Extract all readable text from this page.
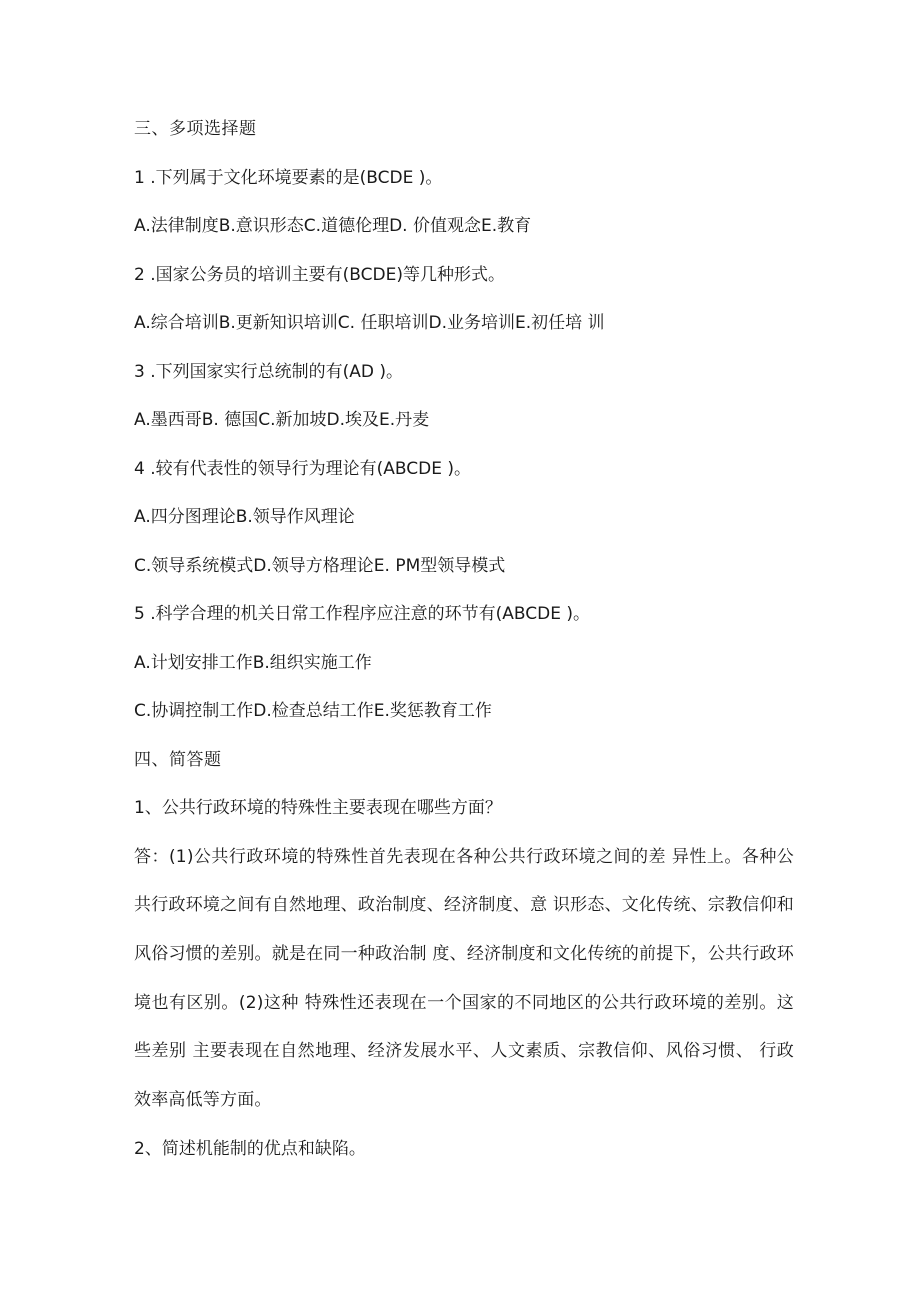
三、多项选择题
1 .下列属于文化环境要素的是(BCDE )。
A.法律制度B.意识形态C.道德伦理D. 价值观念E.教育
2 .国家公务员的培训主要有(BCDE)等几种形式。
A.综合培训B.更新知识培训C. 任职培训D.业务培训E.初任培 训
3 .下列国家实行总统制的有(AD )。
A.墨西哥B. 德国C.新加坡D.埃及E.丹麦
4 .较有代表性的领导行为理论有(ABCDE )。
A.四分图理论B.领导作风理论
C.领导系统模式D.领导方格理论E. PM型领导模式
5 .科学合理的机关日常工作程序应注意的环节有(ABCDE )。
A.计划安排工作B.组织实施工作
C.协调控制工作D.检查总结工作E.奖惩教育工作
四、简答题
1、公共行政环境的特殊性主要表现在哪些方面？
答：(1)公共行政环境的特殊性首先表现在各种公共行政环境之间的差 异性上。各种公共行政环境之间有自然地理、政治制度、经济制度、意 识形态、文化传统、宗教信仰和风俗习惯的差别。就是在同一种政治制 度、经济制度和文化传统的前提下，公共行政环境也有区别。(2)这种 特殊性还表现在一个国家的不同地区的公共行政环境的差别。这些差别 主要表现在自然地理、经济发展水平、人文素质、宗教信仰、风俗习惯、 行政效率高低等方面。
2、简述机能制的优点和缺陷。
